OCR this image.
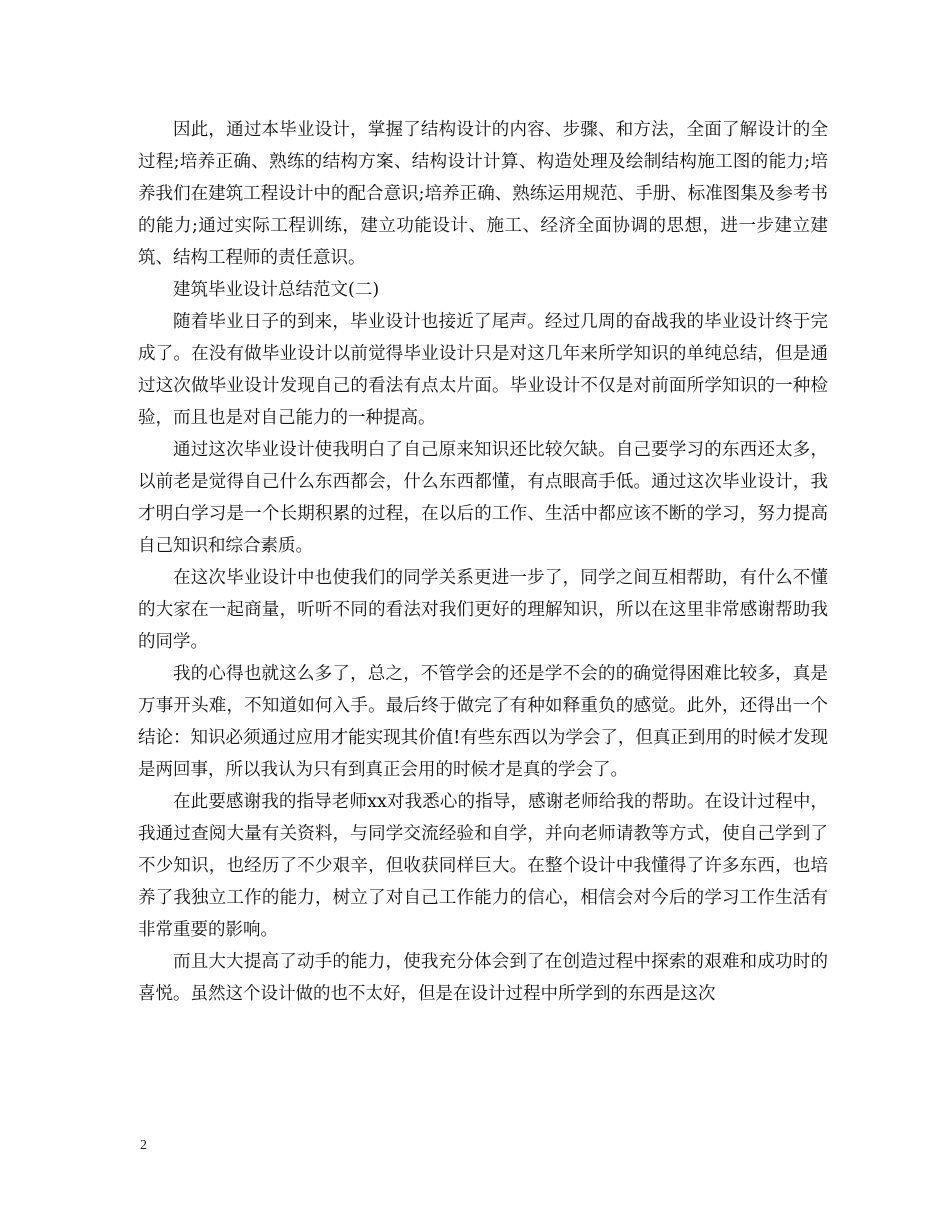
因此，通过本毕业设计，掌握了结构设计的内容、步骤、和方法，全面了解设计的全过程;培养正确、熟练的结构方案、结构设计计算、构造处理及绘制结构施工图的能力;培养我们在建筑工程设计中的配合意识;培养正确、熟练运用规范、手册、标准图集及参考书的能力;通过实际工程训练，建立功能设计、施工、经济全面协调的思想，进一步建立建筑、结构工程师的责任意识。

建筑毕业设计总结范文(二)

随着毕业日子的到来，毕业设计也接近了尾声。经过几周的奋战我的毕业设计终于完成了。在没有做毕业设计以前觉得毕业设计只是对这几年来所学知识的单纯总结，但是通过这次做毕业设计发现自己的看法有点太片面。毕业设计不仅是对前面所学知识的一种检验，而且也是对自己能力的一种提高。

通过这次毕业设计使我明白了自己原来知识还比较欠缺。自己要学习的东西还太多，以前老是觉得自己什么东西都会，什么东西都懂，有点眼高手低。通过这次毕业设计，我才明白学习是一个长期积累的过程，在以后的工作、生活中都应该不断的学习，努力提高自己知识和综合素质。

在这次毕业设计中也使我们的同学关系更进一步了，同学之间互相帮助，有什么不懂的大家在一起商量，听听不同的看法对我们更好的理解知识，所以在这里非常感谢帮助我的同学。

我的心得也就这么多了，总之，不管学会的还是学不会的的确觉得困难比较多，真是万事开头难，不知道如何入手。最后终于做完了有种如释重负的感觉。此外，还得出一个结论：知识必须通过应用才能实现其价值!有些东西以为学会了，但真正到用的时候才发现是两回事，所以我认为只有到真正会用的时候才是真的学会了。

在此要感谢我的指导老师xx对我悉心的指导，感谢老师给我的帮助。在设计过程中，我通过查阅大量有关资料，与同学交流经验和自学，并向老师请教等方式，使自己学到了不少知识，也经历了不少艰辛，但收获同样巨大。在整个设计中我懂得了许多东西，也培养了我独立工作的能力，树立了对自己工作能力的信心，相信会对今后的学习工作生活有非常重要的影响。

而且大大提高了动手的能力，使我充分体会到了在创造过程中探索的艰难和成功时的喜悦。虽然这个设计做的也不太好，但是在设计过程中所学到的东西是这次

2
